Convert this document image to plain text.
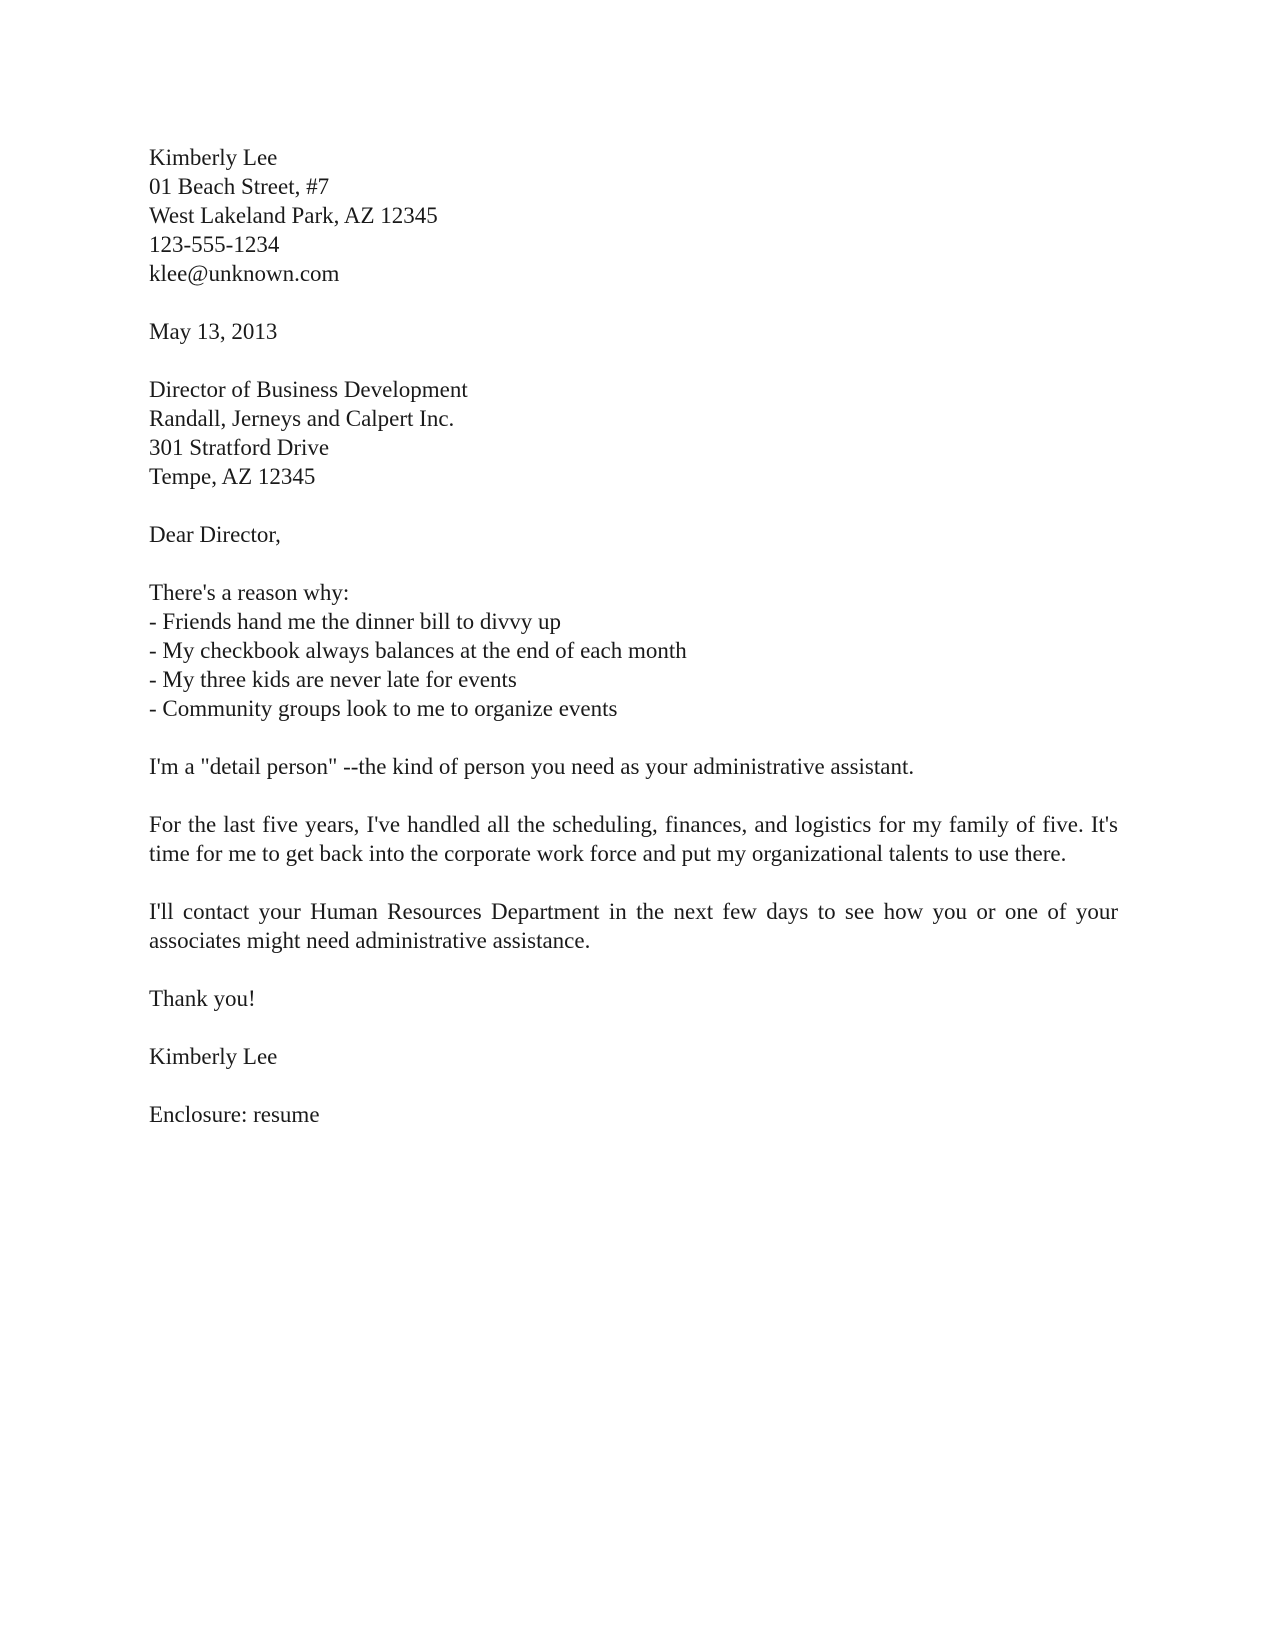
Kimberly Lee
01 Beach Street, #7
West Lakeland Park, AZ 12345
123-555-1234
klee@unknown.com
May 13, 2013
Director of Business Development
Randall, Jerneys and Calpert Inc.
301 Stratford Drive
Tempe, AZ 12345
Dear Director,
There's a reason why:
- Friends hand me the dinner bill to divvy up
- My checkbook always balances at the end of each month
- My three kids are never late for events
- Community groups look to me to organize events
I'm a "detail person" --the kind of person you need as your administrative assistant.
For the last five years, I've handled all the scheduling, finances, and logistics for my family of five. It's time for me to get back into the corporate work force and put my organizational talents to use there.
I'll contact your Human Resources Department in the next few days to see how you or one of your associates might need administrative assistance.
Thank you!
Kimberly Lee
Enclosure: resume
